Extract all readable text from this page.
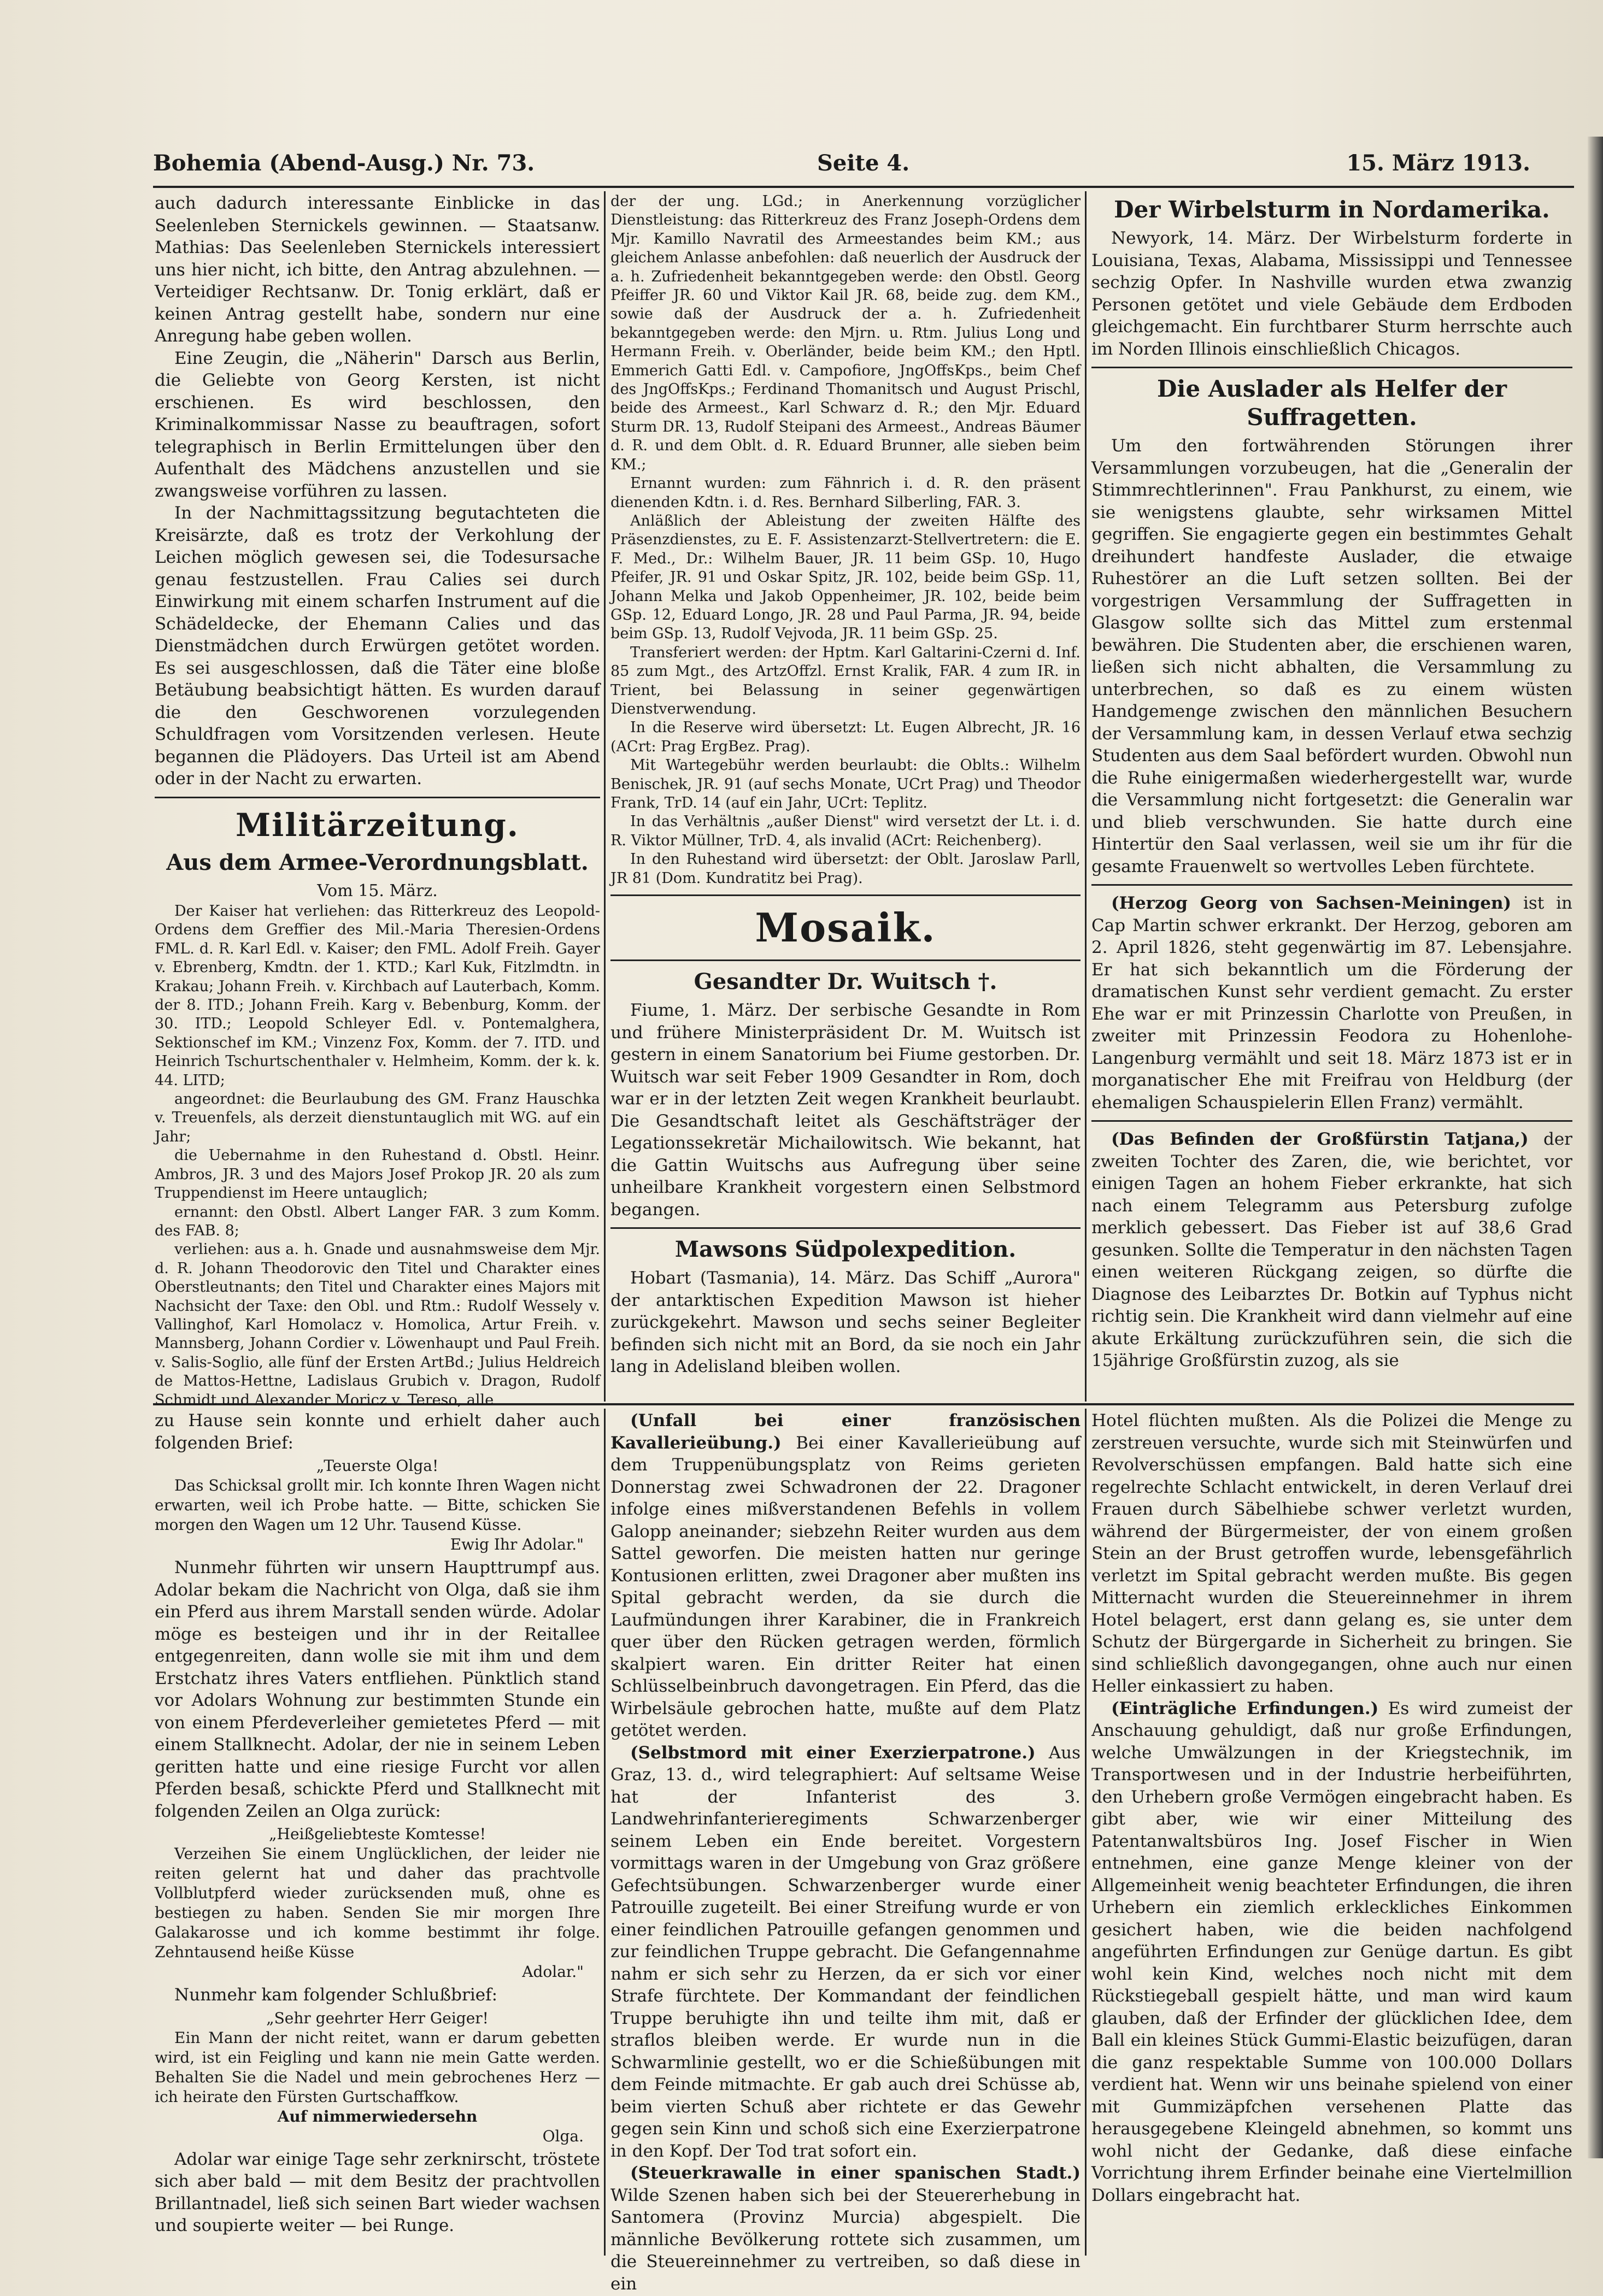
Bohemia (Abend-Ausg.) Nr. 73.	Seite 4.	15. März 1913.

auch dadurch interessante Einblicke in das Seelenleben Sternickels gewinnen. — Staatsanw. Mathias: Das Seelenleben Sternickels interessiert uns hier nicht, ich bitte, den Antrag abzulehnen. — Verteidiger Rechtsanw. Dr. Tonig erklärt, daß er keinen Antrag gestellt habe, sondern nur eine Anregung habe geben wollen.

Eine Zeugin, die „Näherin" Darsch aus Berlin, die Geliebte von Georg Kersten, ist nicht erschienen. Es wird beschlossen, den Kriminalkommissar Nasse zu beauftragen, sofort telegraphisch in Berlin Ermittelungen über den Aufenthalt des Mädchens anzustellen und sie zwangsweise vorführen zu lassen.

In der Nachmittagssitzung begutachteten die Kreisärzte, daß es trotz der Verkohlung der Leichen möglich gewesen sei, die Todesursache genau festzustellen. Frau Calies sei durch Einwirkung mit einem scharfen Instrument auf die Schädeldecke, der Ehemann Calies und das Dienstmädchen durch Erwürgen getötet worden. Es sei ausgeschlossen, daß die Täter eine bloße Betäubung beabsichtigt hätten. Es wurden darauf die den Geschworenen vorzulegenden Schuldfragen vom Vorsitzenden verlesen. Heute begannen die Plädoyers. Das Urteil ist am Abend oder in der Nacht zu erwarten.

Militärzeitung.
Aus dem Armee-Verordnungsblatt.
Vom 15. März.

Der Kaiser hat verliehen: das Ritterkreuz des Leopold-Ordens dem Greffier des Mil.-Maria Theresien-Ordens FML. d. R. Karl Edl. v. Kaiser; den FML. Adolf Freih. Gayer v. Ebrenberg, Kmdtn. der 1. KTD.; Karl Kuk, Fitzlmdtn. in Krakau; Johann Freih. v. Kirchbach auf Lauterbach, Komm. der 8. ITD.; Johann Freih. Karg v. Bebenburg, Komm. der 30. ITD.; Leopold Schleyer Edl. v. Pontemalghera, Sektionschef im KM.; Vinzenz Fox, Komm. der 7. ITD. und Heinrich Tschurtschenthaler v. Helmheim, Komm. der k. k. 44. LITD;

angeordnet: die Beurlaubung des GM. Franz Hauschka v. Treuenfels, als derzeit dienstuntauglich mit WG. auf ein Jahr;

die Uebernahme in den Ruhestand d. Obstl. Heinr. Ambros, JR. 3 und des Majors Josef Prokop JR. 20 als zum Truppendienst im Heere untauglich;

ernannt: den Obstl. Albert Langer FAR. 3 zum Komm. des FAB. 8;

verliehen: aus a. h. Gnade und ausnahmsweise dem Mjr. d. R. Johann Theodorovic den Titel und Charakter eines Oberstleutnants; den Titel und Charakter eines Majors mit Nachsicht der Taxe: den Obl. und Rtm.: Rudolf Wessely v. Vallinghof, Karl Homolacz v. Homolica, Artur Freih. v. Mannsberg, Johann Cordier v. Löwenhaupt und Paul Freih. v. Salis-Soglio, alle fünf der Ersten ArtBd.; Julius Heldreich de Mattos-Hettne, Ladislaus Grubich v. Dragon, Rudolf Schmidt und Alexander Moricz v. Tereso, alle

der der ung. LGd.; in Anerkennung vorzüglicher Dienstleistung: das Ritterkreuz des Franz Joseph-Ordens dem Mjr. Kamillo Navratil des Armeestandes beim KM.; aus gleichem Anlasse anbefohlen: daß neuerlich der Ausdruck der a. h. Zufriedenheit bekanntgegeben werde: den Obstl. Georg Pfeiffer JR. 60 und Viktor Kail JR. 68, beide zug. dem KM., sowie daß der Ausdruck der a. h. Zufriedenheit bekanntgegeben werde: den Mjrn. u. Rtm. Julius Long und Hermann Freih. v. Oberländer, beide beim KM.; den Hptl. Emmerich Gatti Edl. v. Campofiore, JngOffsKps., beim Chef des JngOffsKps.; Ferdinand Thomanitsch und August Prischl, beide des Armeest., Karl Schwarz d. R.; den Mjr. Eduard Sturm DR. 13, Rudolf Steipani des Armeest., Andreas Bäumer d. R. und dem Oblt. d. R. Eduard Brunner, alle sieben beim KM.;

Ernannt wurden: zum Fähnrich i. d. R. den präsent dienenden Kdtn. i. d. Res. Bernhard Silberling, FAR. 3.

Anläßlich der Ableistung der zweiten Hälfte des Präsenzdienstes, zu E. F. Assistenzarzt-Stellvertretern: die E. F. Med., Dr.: Wilhelm Bauer, JR. 11 beim GSp. 10, Hugo Pfeifer, JR. 91 und Oskar Spitz, JR. 102, beide beim GSp. 11, Johann Melka und Jakob Oppenheimer, JR. 102, beide beim GSp. 12, Eduard Longo, JR. 28 und Paul Parma, JR. 94, beide beim GSp. 13, Rudolf Vejvoda, JR. 11 beim GSp. 25.

Transferiert werden: der Hptm. Karl Galtarini-Czerni d. Inf. 85 zum Mgt., des ArtzOffzl. Ernst Kralik, FAR. 4 zum IR. in Trient, bei Belassung in seiner gegenwärtigen Dienstverwendung.

In die Reserve wird übersetzt: Lt. Eugen Albrecht, JR. 16 (ACrt: Prag ErgBez. Prag).

Mit Wartegebühr werden beurlaubt: die Oblts.: Wilhelm Benischek, JR. 91 (auf sechs Monate, UCrt Prag) und Theodor Frank, TrD. 14 (auf ein Jahr, UCrt: Teplitz.

In das Verhältnis „außer Dienst" wird versetzt der Lt. i. d. R. Viktor Müllner, TrD. 4, als invalid (ACrt: Reichenberg).

In den Ruhestand wird übersetzt: der Oblt. Jaroslaw Parll, JR 81 (Dom. Kundratitz bei Prag).

Mosaik.
Gesandter Dr. Wuitsch †.

Fiume, 1. März. Der serbische Gesandte in Rom und frühere Ministerpräsident Dr. M. Wuitsch ist gestern in einem Sanatorium bei Fiume gestorben. Dr. Wuitsch war seit Feber 1909 Gesandter in Rom, doch war er in der letzten Zeit wegen Krankheit beurlaubt. Die Gesandtschaft leitet als Geschäftsträger der Legationssekretär Michailowitsch. Wie bekannt, hat die Gattin Wuitschs aus Aufregung über seine unheilbare Krankheit vorgestern einen Selbstmord begangen.

Mawsons Südpolexpedition.

Hobart (Tasmania), 14. März. Das Schiff „Aurora" der antarktischen Expedition Mawson ist hieher zurückgekehrt. Mawson und sechs seiner Begleiter befinden sich nicht mit an Bord, da sie noch ein Jahr lang in Adelisland bleiben wollen.

Der Wirbelsturm in Nordamerika.

Newyork, 14. März. Der Wirbelsturm forderte in Louisiana, Texas, Alabama, Mississippi und Tennessee sechzig Opfer. In Nashville wurden etwa zwanzig Personen getötet und viele Gebäude dem Erdboden gleichgemacht. Ein furchtbarer Sturm herrschte auch im Norden Illinois einschließlich Chicagos.

Die Auslader als Helfer der Suffragetten.

Um den fortwährenden Störungen ihrer Versammlungen vorzubeugen, hat die „Generalin der Stimmrechtlerinnen". Frau Pankhurst, zu einem, wie sie wenigstens glaubte, sehr wirksamen Mittel gegriffen. Sie engagierte gegen ein bestimmtes Gehalt dreihundert handfeste Auslader, die etwaige Ruhestörer an die Luft setzen sollten. Bei der vorgestrigen Versammlung der Suffragetten in Glasgow sollte sich das Mittel zum erstenmal bewähren. Die Studenten aber, die erschienen waren, ließen sich nicht abhalten, die Versammlung zu unterbrechen, so daß es zu einem wüsten Handgemenge zwischen den männlichen Besuchern der Versammlung kam, in dessen Verlauf etwa sechzig Studenten aus dem Saal befördert wurden. Obwohl nun die Ruhe einigermaßen wiederhergestellt war, wurde die Versammlung nicht fortgesetzt: die Generalin war und blieb verschwunden. Sie hatte durch eine Hintertür den Saal verlassen, weil sie um ihr für die gesamte Frauenwelt so wertvolles Leben fürchtete.

(Herzog Georg von Sachsen-Meiningen) ist in Cap Martin schwer erkrankt. Der Herzog, geboren am 2. April 1826, steht gegenwärtig im 87. Lebensjahre. Er hat sich bekanntlich um die Förderung der dramatischen Kunst sehr verdient gemacht. Zu erster Ehe war er mit Prinzessin Charlotte von Preußen, in zweiter mit Prinzessin Feodora zu Hohenlohe-Langenburg vermählt und seit 18. März 1873 ist er in morganatischer Ehe mit Freifrau von Heldburg (der ehemaligen Schauspielerin Ellen Franz) vermählt.

(Das Befinden der Großfürstin Tatjana,) der zweiten Tochter des Zaren, die, wie berichtet, vor einigen Tagen an hohem Fieber erkrankte, hat sich nach einem Telegramm aus Petersburg zufolge merklich gebessert. Das Fieber ist auf 38,6 Grad gesunken. Sollte die Temperatur in den nächsten Tagen einen weiteren Rückgang zeigen, so dürfte die Diagnose des Leibarztes Dr. Botkin auf Typhus nicht richtig sein. Die Krankheit wird dann vielmehr auf eine akute Erkältung zurückzuführen sein, die sich die 15jährige Großfürstin zuzog, als sie

zu Hause sein konnte und erhielt daher auch folgenden Brief:

„Teuerste Olga!

Das Schicksal grollt mir. Ich konnte Ihren Wagen nicht erwarten, weil ich Probe hatte. — Bitte, schicken Sie morgen den Wagen um 12 Uhr. Tausend Küsse.

Ewig Ihr Adolar."

Nunmehr führten wir unsern Haupttrumpf aus. Adolar bekam die Nachricht von Olga, daß sie ihm ein Pferd aus ihrem Marstall senden würde. Adolar möge es besteigen und ihr in der Reitallee entgegenreiten, dann wolle sie mit ihm und dem Erstchatz ihres Vaters entfliehen. Pünktlich stand vor Adolars Wohnung zur bestimmten Stunde ein von einem Pferdeverleiher gemietetes Pferd — mit einem Stallknecht. Adolar, der nie in seinem Leben geritten hatte und eine riesige Furcht vor allen Pferden besaß, schickte Pferd und Stallknecht mit folgenden Zeilen an Olga zurück:

„Heißgeliebteste Komtesse!

Verzeihen Sie einem Unglücklichen, der leider nie reiten gelernt hat und daher das prachtvolle Vollblutpferd wieder zurücksenden muß, ohne es bestiegen zu haben. Senden Sie mir morgen Ihre Galakarosse und ich komme bestimmt ihr folge. Zehntausend heiße Küsse

Adolar."

Nunmehr kam folgender Schlußbrief:

„Sehr geehrter Herr Geiger!

Ein Mann der nicht reitet, wann er darum gebetten wird, ist ein Feigling und kann nie mein Gatte werden. Behalten Sie die Nadel und mein gebrochenes Herz — ich heirate den Fürsten Gurtschaffkow.

Auf nimmerwiedersehn
Olga.

Adolar war einige Tage sehr zerknirscht, tröstete sich aber bald — mit dem Besitz der prachtvollen Brillantnadel, ließ sich seinen Bart wieder wachsen und soupierte weiter — bei Runge.

(Unfall bei einer französischen Kavallerieübung.) Bei einer Kavallerieübung auf dem Truppenübungsplatz von Reims gerieten Donnerstag zwei Schwadronen der 22. Dragoner infolge eines mißverstandenen Befehls in vollem Galopp aneinander; siebzehn Reiter wurden aus dem Sattel geworfen. Die meisten hatten nur geringe Kontusionen erlitten, zwei Dragoner aber mußten ins Spital gebracht werden, da sie durch die Laufmündungen ihrer Karabiner, die in Frankreich quer über den Rücken getragen werden, förmlich skalpiert waren. Ein dritter Reiter hat einen Schlüsselbeinbruch davongetragen. Ein Pferd, das die Wirbelsäule gebrochen hatte, mußte auf dem Platz getötet werden.

(Selbstmord mit einer Exerzierpatrone.) Aus Graz, 13. d., wird telegraphiert: Auf seltsame Weise hat der Infanterist des 3. Landwehrinfanterieregiments Schwarzenberger seinem Leben ein Ende bereitet. Vorgestern vormittags waren in der Umgebung von Graz größere Gefechtsübungen. Schwarzenberger wurde einer Patrouille zugeteilt. Bei einer Streifung wurde er von einer feindlichen Patrouille gefangen genommen und zur feindlichen Truppe gebracht. Die Gefangennahme nahm er sich sehr zu Herzen, da er sich vor einer Strafe fürchtete. Der Kommandant der feindlichen Truppe beruhigte ihn und teilte ihm mit, daß er straflos bleiben werde. Er wurde nun in die Schwarmlinie gestellt, wo er die Schießübungen mit dem Feinde mitmachte. Er gab auch drei Schüsse ab, beim vierten Schuß aber richtete er das Gewehr gegen sein Kinn und schoß sich eine Exerzierpatrone in den Kopf. Der Tod trat sofort ein.

(Steuerkrawalle in einer spanischen Stadt.) Wilde Szenen haben sich bei der Steuererhebung in Santomera (Provinz Murcia) abgespielt. Die männliche Bevölkerung rottete sich zusammen, um die Steuereinnehmer zu vertreiben, so daß diese in ein

Hotel flüchten mußten. Als die Polizei die Menge zu zerstreuen versuchte, wurde sich mit Steinwürfen und Revolverschüssen empfangen. Bald hatte sich eine regelrechte Schlacht entwickelt, in deren Verlauf drei Frauen durch Säbelhiebe schwer verletzt wurden, während der Bürgermeister, der von einem großen Stein an der Brust getroffen wurde, lebensgefährlich verletzt im Spital gebracht werden mußte. Bis gegen Mitternacht wurden die Steuereinnehmer in ihrem Hotel belagert, erst dann gelang es, sie unter dem Schutz der Bürgergarde in Sicherheit zu bringen. Sie sind schließlich davongegangen, ohne auch nur einen Heller einkassiert zu haben.

(Einträgliche Erfindungen.) Es wird zumeist der Anschauung gehuldigt, daß nur große Erfindungen, welche Umwälzungen in der Kriegstechnik, im Transportwesen und in der Industrie herbeiführten, den Urhebern große Vermögen eingebracht haben. Es gibt aber, wie wir einer Mitteilung des Patentanwaltsbüros Ing. Josef Fischer in Wien entnehmen, eine ganze Menge kleiner von der Allgemeinheit wenig beachteter Erfindungen, die ihren Urhebern ein ziemlich erkleckliches Einkommen gesichert haben, wie die beiden nachfolgend angeführten Erfindungen zur Genüge dartun. Es gibt wohl kein Kind, welches noch nicht mit dem Rückstiegeball gespielt hätte, und man wird kaum glauben, daß der Erfinder der glücklichen Idee, dem Ball ein kleines Stück Gummi-Elastic beizufügen, daran die ganz respektable Summe von 100.000 Dollars verdient hat. Wenn wir uns beinahe spielend von einer mit Gummizäpfchen versehenen Platte das herausgegebene Kleingeld abnehmen, so kommt uns wohl nicht der Gedanke, daß diese einfache Vorrichtung ihrem Erfinder beinahe eine Viertelmillion Dollars eingebracht hat.
